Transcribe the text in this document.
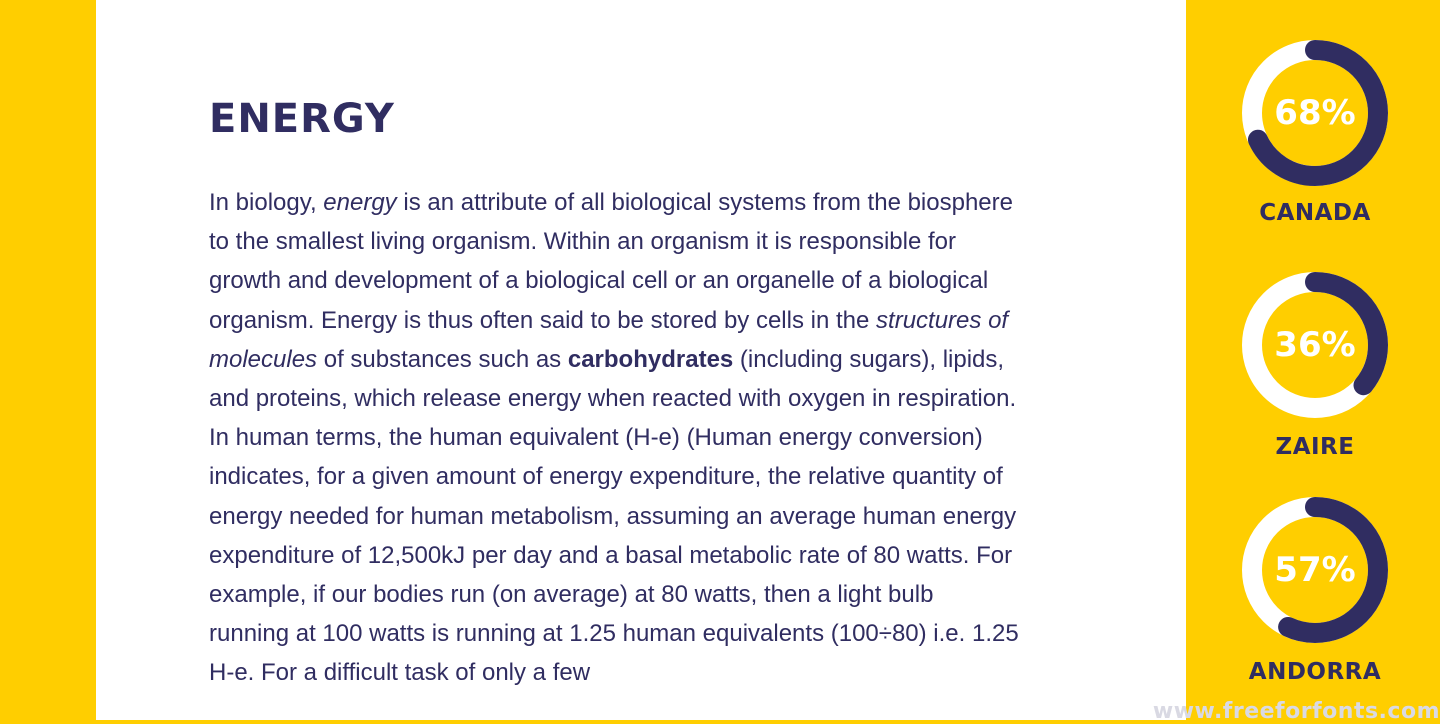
ENERGY

In biology, energy is an attribute of all biological systems from the biosphere to the smallest living organism. Within an organism it is responsible for growth and development of a biological cell or an organelle of a biological organism. Energy is thus often said to be stored by cells in the structures of molecules of substances such as carbohydrates (including sugars), lipids, and proteins, which release energy when reacted with oxygen in respiration. In human terms, the human equivalent (H-e) (Human energy conversion) indicates, for a given amount of energy expenditure, the relative quantity of energy needed for human metabolism, assuming an average human energy expenditure of 12,500kJ per day and a basal metabolic rate of 80 watts. For example, if our bodies run (on average) at 80 watts, then a light bulb running at 100 watts is running at 1.25 human equivalents (100÷80) i.e. 1.25 H-e. For a difficult task of only a few

68%
CANADA
36%
ZAIRE
57%
ANDORRA
www.freeforfonts.com
